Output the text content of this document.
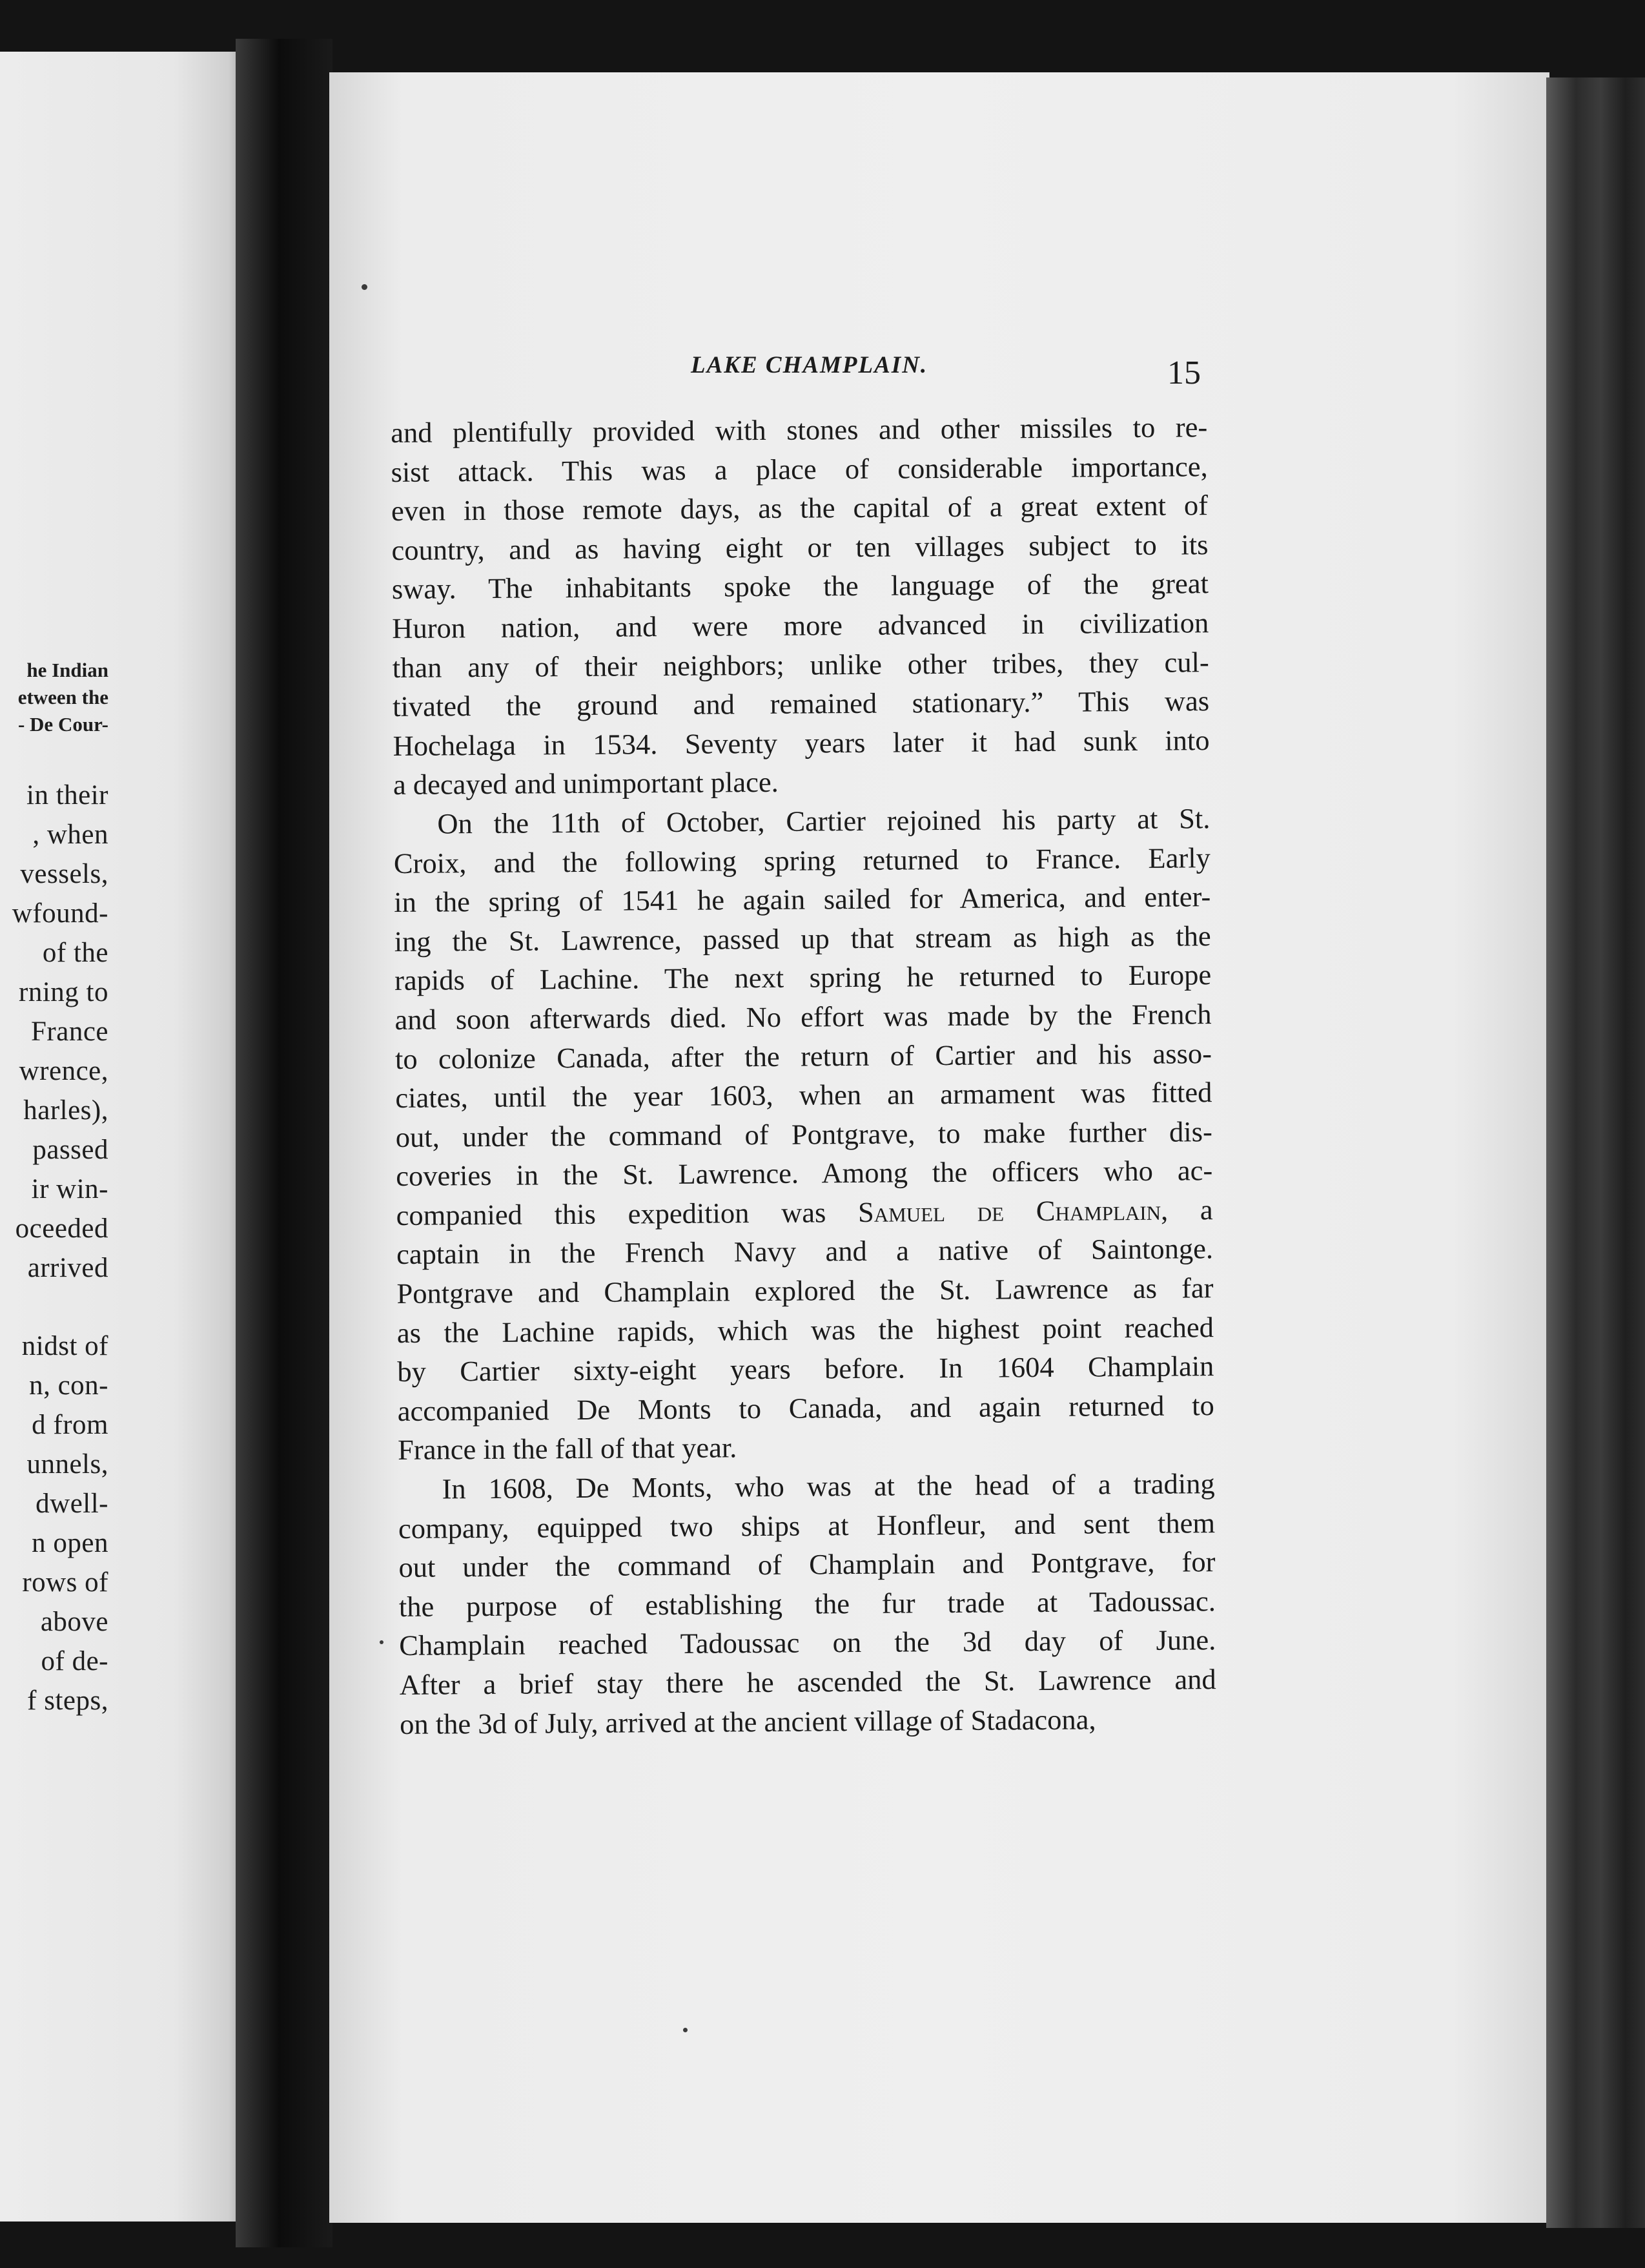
he Indian
etween the
- De Cour-
in their
, when
vessels,
wfound-
of the
rning to
France
wrence,
harles),
passed
ir win-
oceeded
arrived
nidst of
n, con-
d from
unnels,
dwell-
n open
rows of
above
of de-
f steps,
LAKE CHAMPLAIN.	15
and plentifully provided with stones and other missiles to re-
sist attack. This was a place of considerable importance,
even in those remote days, as the capital of a great extent of
country, and as having eight or ten villages subject to its
sway. The inhabitants spoke the language of the great
Huron nation, and were more advanced in civilization
than any of their neighbors; unlike other tribes, they cul-
tivated the ground and remained stationary.” This was
Hochelaga in 1534. Seventy years later it had sunk into
a decayed and unimportant place.
On the 11th of October, Cartier rejoined his party at St.
Croix, and the following spring returned to France. Early
in the spring of 1541 he again sailed for America, and enter-
ing the St. Lawrence, passed up that stream as high as the
rapids of Lachine. The next spring he returned to Europe
and soon afterwards died. No effort was made by the French
to colonize Canada, after the return of Cartier and his asso-
ciates, until the year 1603, when an armament was fitted
out, under the command of Pontgrave, to make further dis-
coveries in the St. Lawrence. Among the officers who ac-
companied this expedition was Samuel de Champlain, a
captain in the French Navy and a native of Saintonge.
Pontgrave and Champlain explored the St. Lawrence as far
as the Lachine rapids, which was the highest point reached
by Cartier sixty-eight years before. In 1604 Champlain
accompanied De Monts to Canada, and again returned to
France in the fall of that year.
In 1608, De Monts, who was at the head of a trading
company, equipped two ships at Honfleur, and sent them
out under the command of Champlain and Pontgrave, for
the purpose of establishing the fur trade at Tadoussac.
Champlain reached Tadoussac on the 3d day of June.
After a brief stay there he ascended the St. Lawrence and
on the 3d of July, arrived at the ancient village of Stadacona,
